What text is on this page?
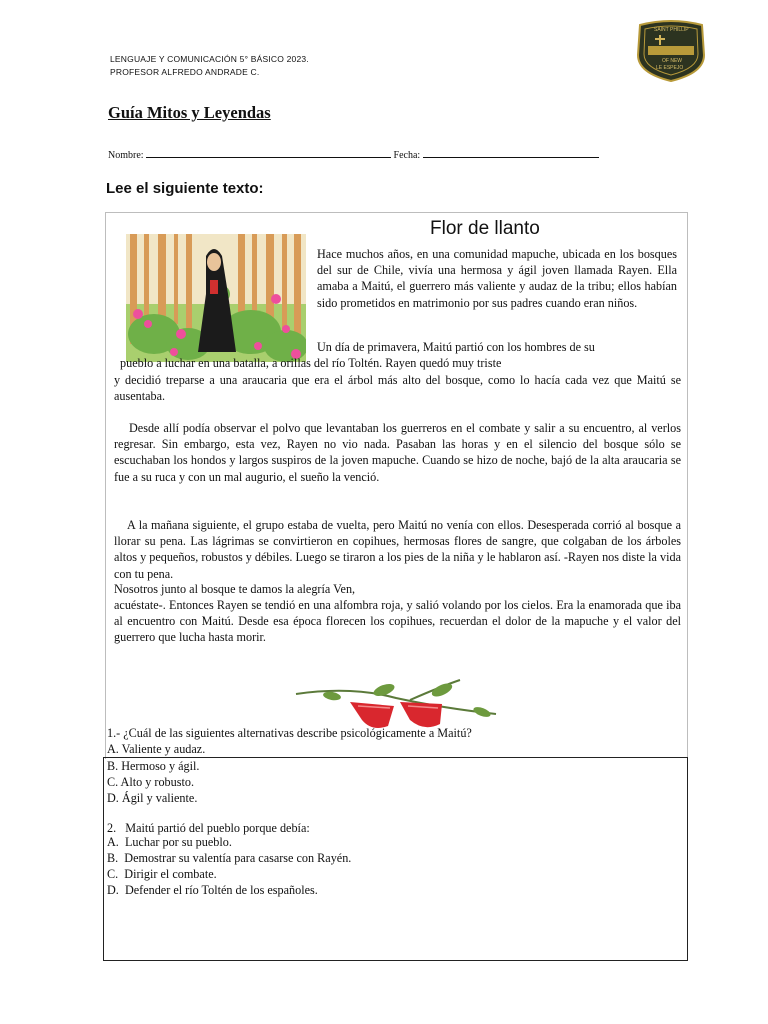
LENGUAJE Y COMUNICACIÓN 5° BÁSICO 2023.
PROFESOR ALFREDO ANDRADE C.
SAINT PHILLIP
OF NEW
LE ESPEJO
Guía Mitos y Leyendas
Nombre:	Fecha:
Lee el siguiente texto:
Flor de llanto
Hace muchos años, en una comunidad mapuche, ubicada en los bosques del sur de Chile, vivía una hermosa y ágil joven llamada Rayen. Ella amaba a Maitú, el guerrero más valiente y audaz de la tribu; ellos habían sido prometidos en matrimonio por sus padres cuando eran niños.
Un día de primavera, Maitú partió con los hombres de su
pueblo a luchar en una batalla, a orillas del río Toltén. Rayen quedó muy triste
y decidió treparse a una araucaria que era el árbol más alto del bosque, como lo hacía cada vez que Maitú se ausentaba.
Desde allí podía observar el polvo que levantaban los guerreros en el combate y salir a su encuentro, al verlos regresar. Sin embargo, esta vez, Rayen no vio nada. Pasaban las horas y en el silencio del bosque sólo se escuchaban los hondos y largos suspiros de la joven mapuche. Cuando se hizo de noche, bajó de la alta araucaria se fue a su ruca y con un mal augurio, el sueño la venció.
A la mañana siguiente, el grupo estaba de vuelta, pero Maitú no venía con ellos. Desesperada corrió al bosque a llorar su pena. Las lágrimas se convirtieron en copihues, hermosas flores de sangre, que colgaban de los árboles altos y pequeños, robustos y débiles. Luego se tiraron a los pies de la niña y le hablaron así. -Rayen nos diste la vida con tu pena.
Nosotros junto al bosque te damos la alegría Ven,
acuéstate-. Entonces Rayen se tendió en una alfombra roja, y salió volando por los cielos. Era la enamorada que iba al encuentro con Maitú. Desde esa época florecen los copihues, recuerdan el dolor de la mapuche y el valor del guerrero que lucha hasta morir.
1.- ¿Cuál de las siguientes alternativas describe psicológicamente a Maitú?
A. Valiente y audaz.
B. Hermoso y ágil.
C. Alto y robusto.
D. Ágil y valiente.
2.   Maitú partió del pueblo porque debía:
A.  Luchar por su pueblo.
B.  Demostrar su valentía para casarse con Rayén.
C.  Dirigir el combate.
D.  Defender el río Toltén de los españoles.
